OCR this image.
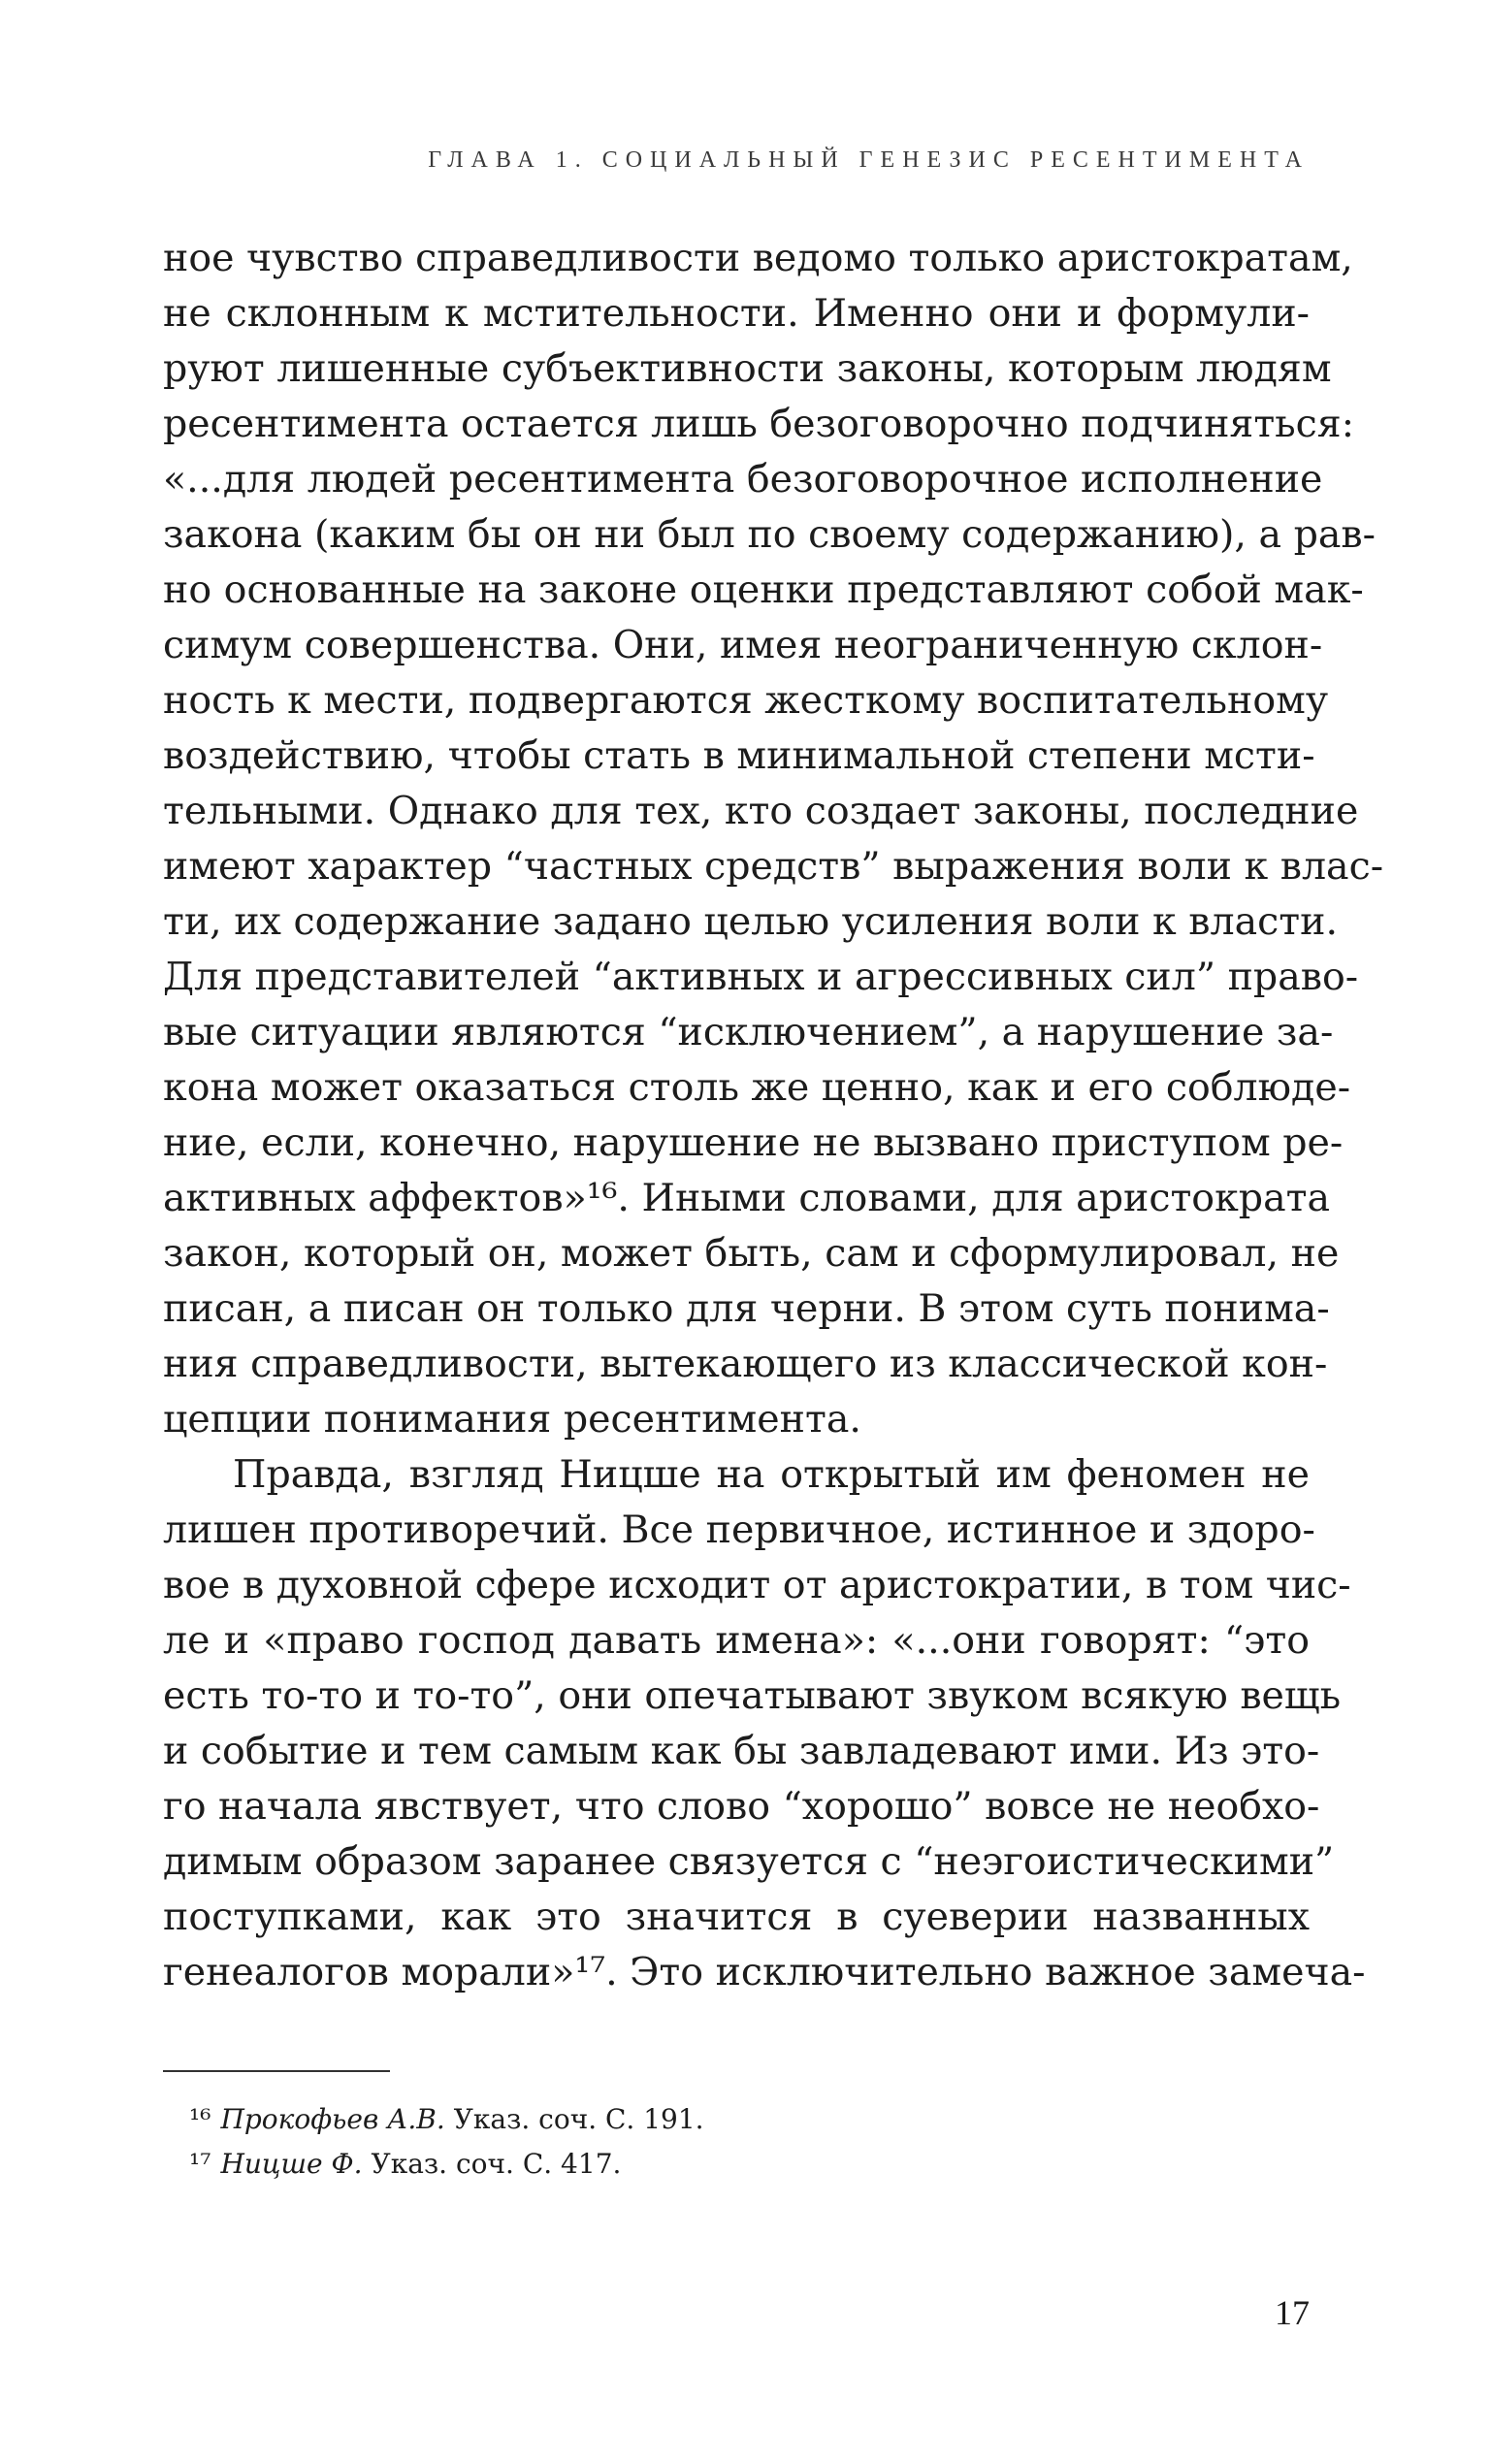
ГЛАВА 1. СОЦИАЛЬНЫЙ ГЕНЕЗИС РЕСЕНТИМЕНТА
ное чувство справедливости ведомо только аристократам,
не склонным к мстительности. Именно они и формули-
руют лишенные субъективности законы, которым людям
ресентимента остается лишь безоговорочно подчиняться:
«...для людей ресентимента безоговорочное исполнение
закона (каким бы он ни был по своему содержанию), а рав-
но основанные на законе оценки представляют собой мак-
симум совершенства. Они, имея неограниченную склон-
ность к мести, подвергаются жесткому воспитательному
воздействию, чтобы стать в минимальной степени мсти-
тельными. Однако для тех, кто создает законы, последние
имеют характер “частных средств” выражения воли к влас-
ти, их содержание задано целью усиления воли к власти.
Для представителей “активных и агрессивных сил” право-
вые ситуации являются “исключением”, а нарушение за-
кона может оказаться столь же ценно, как и его соблюде-
ние, если, конечно, нарушение не вызвано приступом ре-
активных аффектов»¹⁶. Иными словами, для аристократа
закон, который он, может быть, сам и сформулировал, не
писан, а писан он только для черни. В этом суть понима-
ния справедливости, вытекающего из классической кон-
цепции понимания ресентимента.
Правда, взгляд Ницше на открытый им феномен не
лишен противоречий. Все первичное, истинное и здоро-
вое в духовной сфере исходит от аристократии, в том чис-
ле и «право господ давать имена»: «...они говорят: “это
есть то-то и то-то”, они опечатывают звуком всякую вещь
и событие и тем самым как бы завладевают ими. Из это-
го начала явствует, что слово “хорошо” вовсе не необхо-
димым образом заранее связуется с “неэгоистическими”
поступками, как это значится в суеверии названных
генеалогов морали»¹⁷. Это исключительно важное замеча-
¹⁶ Прокофьев А.В. Указ. соч. С. 191.
¹⁷ Ницше Ф. Указ. соч. С. 417.
17
